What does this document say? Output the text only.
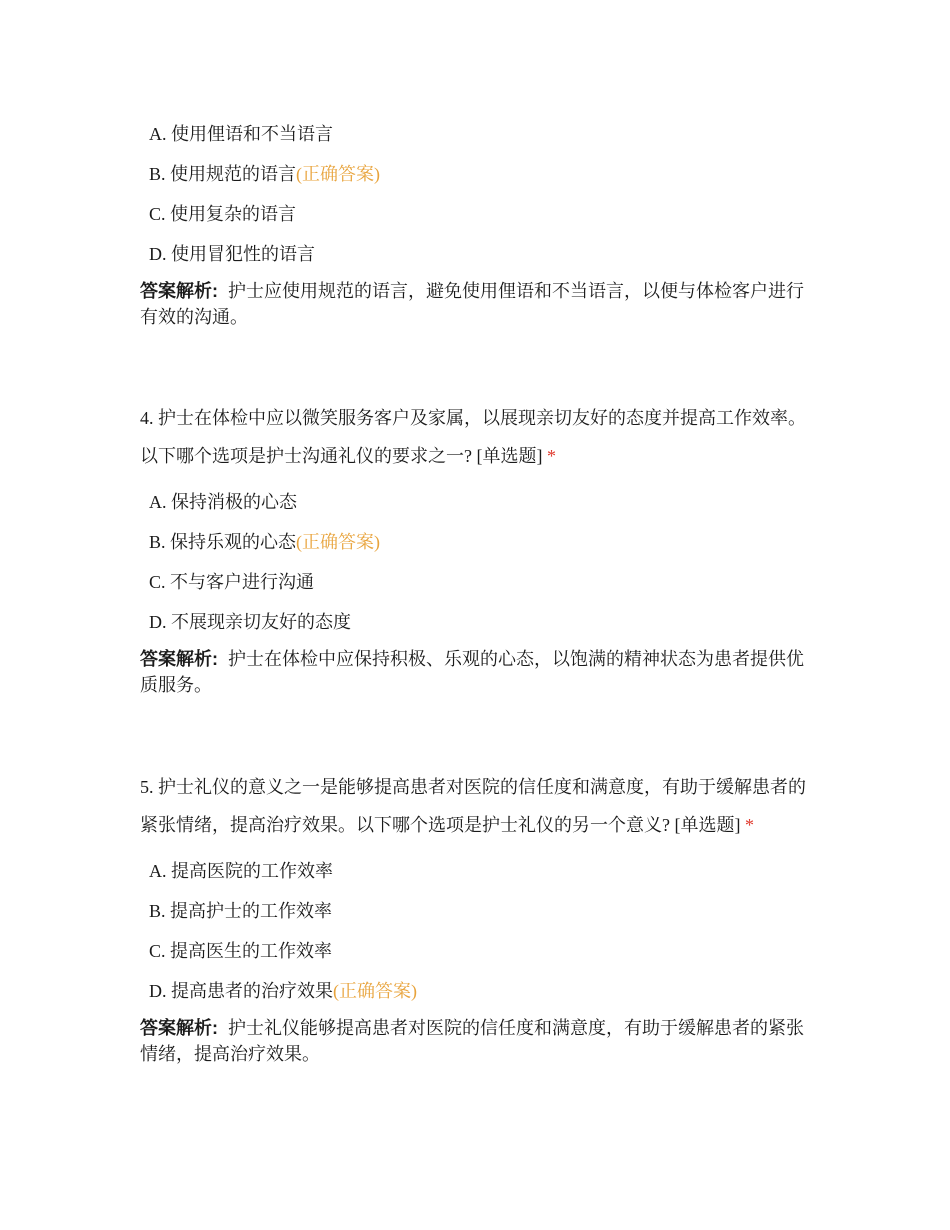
A. 使用俚语和不当语言
B. 使用规范的语言(正确答案)
C. 使用复杂的语言
D. 使用冒犯性的语言
答案解析: 护士应使用规范的语言，避免使用俚语和不当语言，以便与体检客户进行有效的沟通。

4. 护士在体检中应以微笑服务客户及家属，以展现亲切友好的态度并提高工作效率。以下哪个选项是护士沟通礼仪的要求之一? [单选题] *

A. 保持消极的心态
B. 保持乐观的心态(正确答案)
C. 不与客户进行沟通
D. 不展现亲切友好的态度
答案解析: 护士在体检中应保持积极、乐观的心态，以饱满的精神状态为患者提供优质服务。

5. 护士礼仪的意义之一是能够提高患者对医院的信任度和满意度，有助于缓解患者的紧张情绪，提高治疗效果。以下哪个选项是护士礼仪的另一个意义? [单选题] *

A. 提高医院的工作效率
B. 提高护士的工作效率
C. 提高医生的工作效率
D. 提高患者的治疗效果(正确答案)
答案解析: 护士礼仪能够提高患者对医院的信任度和满意度，有助于缓解患者的紧张情绪，提高治疗效果。
